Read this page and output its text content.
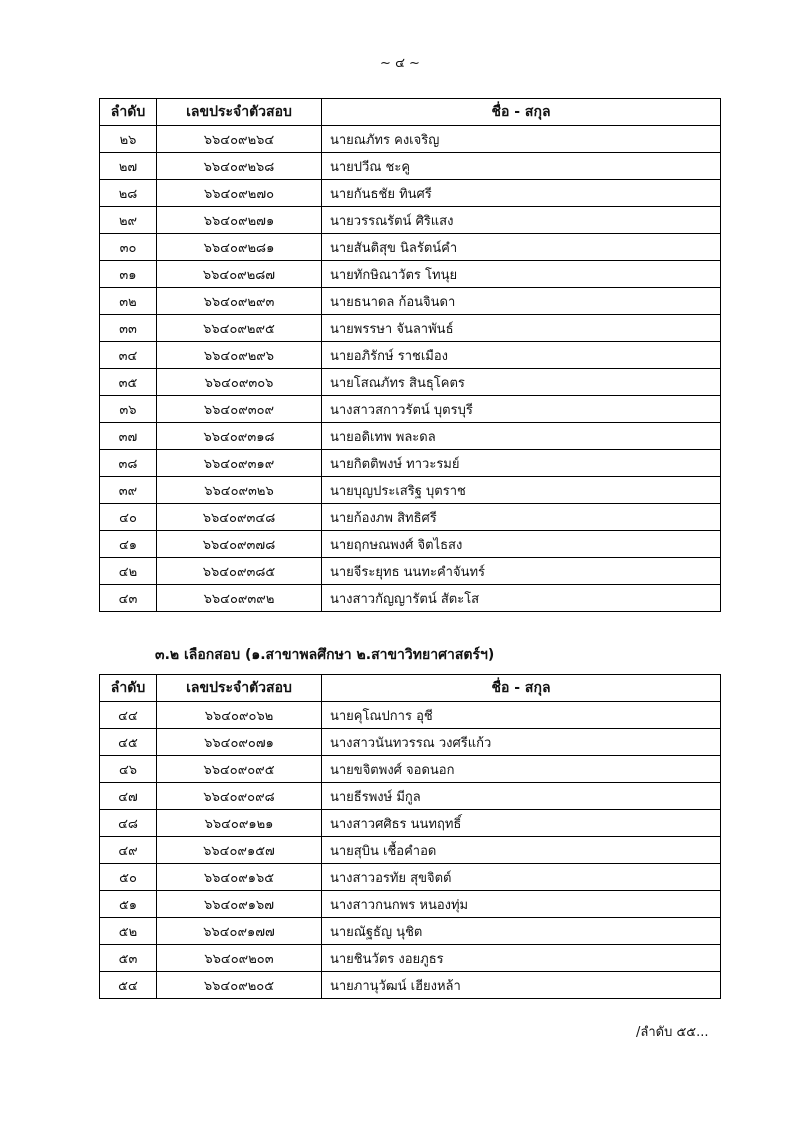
~ ๔ ~
ลำดับ	เลขประจำตัวสอบ	ชื่อ - สกุล
๒๖	๖๖๔๐๙๒๖๔	นายณภัทร คงเจริญ
๒๗	๖๖๔๐๙๒๖๘	นายปวีณ ชะคู
๒๘	๖๖๔๐๙๒๗๐	นายกันธชัย ทินศรี
๒๙	๖๖๔๐๙๒๗๑	นายวรรณรัตน์ ศิริแสง
๓๐	๖๖๔๐๙๒๘๑	นายสันติสุข นิลรัตน์คำ
๓๑	๖๖๔๐๙๒๘๗	นายทักษิณาวัตร โทนุย
๓๒	๖๖๔๐๙๒๙๓	นายธนาดล ก้อนจินดา
๓๓	๖๖๔๐๙๒๙๕	นายพรรษา จันลาพันธ์
๓๔	๖๖๔๐๙๒๙๖	นายอภิรักษ์ ราชเมือง
๓๕	๖๖๔๐๙๓๐๖	นายโสณภัทร สินธุโคตร
๓๖	๖๖๔๐๙๓๐๙	นางสาวสกาวรัตน์ บุตรบุรี
๓๗	๖๖๔๐๙๓๑๘	นายอดิเทพ พละดล
๓๘	๖๖๔๐๙๓๑๙	นายกิตติพงษ์ ทาวะรมย์
๓๙	๖๖๔๐๙๓๒๖	นายบุญประเสริฐ บุตราช
๔๐	๖๖๔๐๙๓๔๘	นายก้องภพ สิทธิศรี
๔๑	๖๖๔๐๙๓๗๘	นายฤกษณพงศ์ จิตไธสง
๔๒	๖๖๔๐๙๓๘๕	นายจีระยุทธ นนทะคำจันทร์
๔๓	๖๖๔๐๙๓๙๒	นางสาวกัญญารัตน์ สัตะโส
๓.๒ เลือกสอบ (๑.สาขาพลศึกษา ๒.สาขาวิทยาศาสตร์ฯ)
ลำดับ	เลขประจำตัวสอบ	ชื่อ - สกุล
๔๔	๖๖๔๐๙๐๖๒	นายคุโณปการ อุชี
๔๕	๖๖๔๐๙๐๗๑	นางสาวนันทวรรณ วงศรีแก้ว
๔๖	๖๖๔๐๙๐๙๕	นายขจิตพงศ์ จอดนอก
๔๗	๖๖๔๐๙๐๙๘	นายธีรพงษ์ มีกูล
๔๘	๖๖๔๐๙๑๒๑	นางสาวศศิธร นนทฤทธิ์
๔๙	๖๖๔๐๙๑๕๗	นายสุบิน เชื้อคำอด
๕๐	๖๖๔๐๙๑๖๕	นางสาวอรทัย สุขจิตต์
๕๑	๖๖๔๐๙๑๖๗	นางสาวกนกพร หนองทุ่ม
๕๒	๖๖๔๐๙๑๗๗	นายณัฐธัญ นุชิต
๕๓	๖๖๔๐๙๒๐๓	นายชินวัตร งอยภูธร
๕๔	๖๖๔๐๙๒๐๕	นายภานุวัฒน์ เฮียงหล้า
/ลำดับ ๕๕...
